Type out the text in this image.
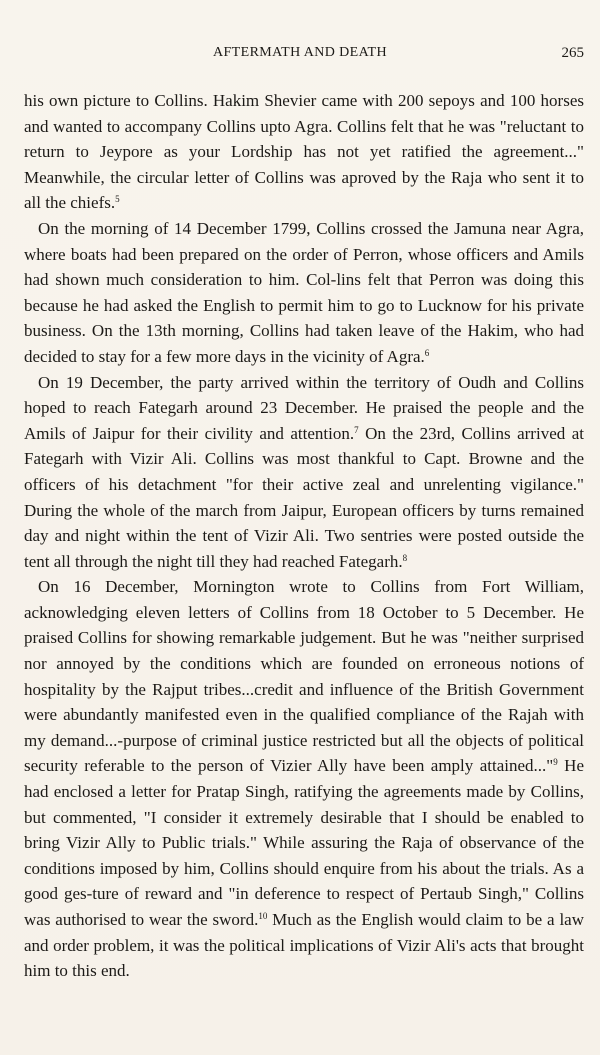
AFTERMATH AND DEATH	265

his own picture to Collins. Hakim Shevier came with 200 sepoys and 100 horses and wanted to accompany Collins upto Agra. Collins felt that he was "reluctant to return to Jeypore as your Lordship has not yet ratified the agreement..." Meanwhile, the circular letter of Collins was aproved by the Raja who sent it to all the chiefs.$^5$

On the morning of 14 December 1799, Collins crossed the Jamuna near Agra, where boats had been prepared on the order of Perron, whose officers and Amils had shown much consideration to him. Col-lins felt that Perron was doing this because he had asked the English to permit him to go to Lucknow for his private business. On the 13th morning, Collins had taken leave of the Hakim, who had decided to stay for a few more days in the vicinity of Agra.$^6$

On 19 December, the party arrived within the territory of Oudh and Collins hoped to reach Fategarh around 23 December. He praised the people and the Amils of Jaipur for their civility and attention.$^7$ On the 23rd, Collins arrived at Fategarh with Vizir Ali. Collins was most thankful to Capt. Browne and the officers of his detachment "for their active zeal and unrelenting vigilance." During the whole of the march from Jaipur, European officers by turns remained day and night within the tent of Vizir Ali. Two sentries were posted outside the tent all through the night till they had reached Fategarh.$^8$

On 16 December, Mornington wrote to Collins from Fort William, acknowledging eleven letters of Collins from 18 October to 5 December. He praised Collins for showing remarkable judgement. But he was "neither surprised nor annoyed by the conditions which are founded on erroneous notions of hospitality by the Rajput tribes...credit and influence of the British Government were abundantly manifested even in the qualified compliance of the Rajah with my demand...-purpose of criminal justice restricted but all the objects of political security referable to the person of Vizier Ally have been amply attained..."$^9$ He had enclosed a letter for Pratap Singh, ratifying the agreements made by Collins, but commented, "I consider it extremely desirable that I should be enabled to bring Vizir Ally to Public trials." While assuring the Raja of observance of the conditions imposed by him, Collins should enquire from his about the trials. As a good ges-ture of reward and "in deference to respect of Pertaub Singh," Collins was authorised to wear the sword.$^{10}$ Much as the English would claim to be a law and order problem, it was the political implications of Vizir Ali's acts that brought him to this end.
